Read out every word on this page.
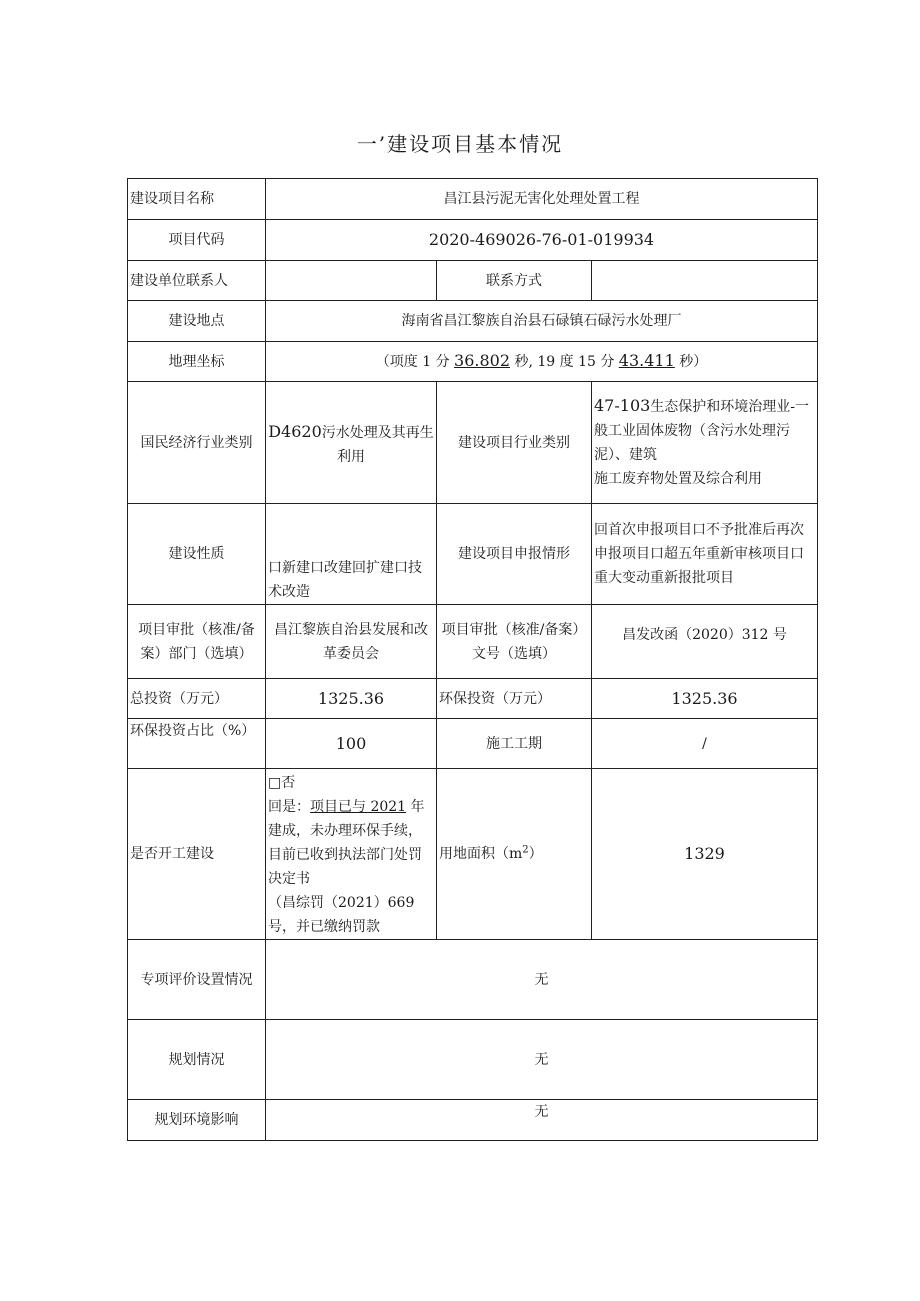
一’建设项目基本情况
建设项目名称	昌江县污泥无害化处理处置工程		
项目代码	2020-469026-76-01-019934		
建设单位联系人		联系方式	
建设地点	海南省昌江黎族自治县石碌镇石碌污水处理厂		
地理坐标	（项度 1 分 36.802 秒, 19 度 15 分 43.411 秒）		
国民经济行业类别	D4620污水处理及其再生利用	建设项目行业类别	47-103生态保护和环境治理业-一般工业固体废物（含污水处理污泥）、建筑
施工废弃物处置及综合利用
建设性质	口新建口改建回扩建口技术改造	建设项目申报情形	回首次申报项目口不予批准后再次申报项目口超五年重新审核项目口重大变动重新报批项目
项目审批（核准/备案）部门（选填）	昌江黎族自治县发展和改革委员会	项目审批（核准/备案）文号（选填）	昌发改函（2020）312 号
总投资（万元）	1325.36	环保投资（万元）	1325.36
环保投资占比（%）	100	施工工期	/
是否开工建设	□否
回是：项目已与 2021 年建成，未办理环保手续，目前已收到执法部门处罚决定书
（昌综罚（2021）669 号，并已缴纳罚款	用地面积$(m^2)$	1329
专项评价设置情况	无		
规划情况	无		
规划环境影响	无		
